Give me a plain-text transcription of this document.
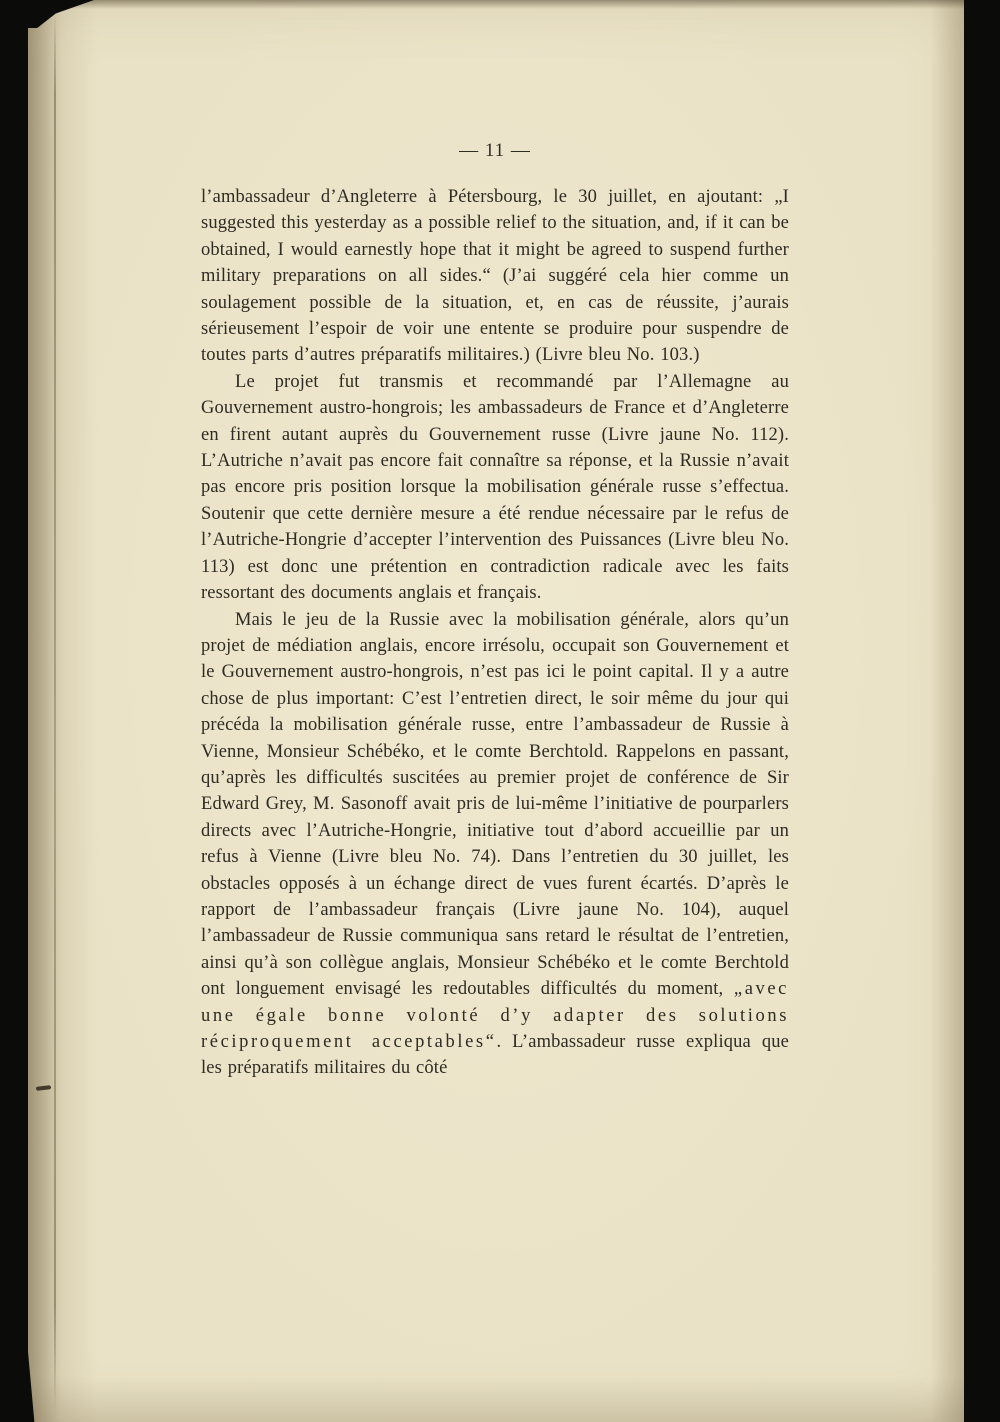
— 11 —

l’ambassadeur d’Angleterre à Pétersbourg, le 30 juillet, en ajoutant: „I suggested this yesterday as a possible relief to the situation, and, if it can be obtained, I would earnestly hope that it might be agreed to suspend further military preparations on all sides.“ (J’ai suggéré cela hier comme un soulagement possible de la situation, et, en cas de réussite, j’aurais sérieusement l’espoir de voir une entente se produire pour suspendre de toutes parts d’autres préparatifs militaires.) (Livre bleu No. 103.)

Le projet fut transmis et recommandé par l’Allemagne au Gouvernement austro-hongrois; les ambassadeurs de France et d’Angleterre en firent autant auprès du Gouvernement russe (Livre jaune No. 112). L’Autriche n’avait pas encore fait connaître sa réponse, et la Russie n’avait pas encore pris position lorsque la mobilisation générale russe s’effectua. Soutenir que cette dernière mesure a été rendue nécessaire par le refus de l’Autriche-Hongrie d’accepter l’intervention des Puissances (Livre bleu No. 113) est donc une prétention en contradiction radicale avec les faits ressortant des documents anglais et français.

Mais le jeu de la Russie avec la mobilisation générale, alors qu’un projet de médiation anglais, encore irrésolu, occupait son Gouvernement et le Gouvernement austro-hongrois, n’est pas ici le point capital. Il y a autre chose de plus important: C’est l’entretien direct, le soir même du jour qui précéda la mobilisation générale russe, entre l’ambassadeur de Russie à Vienne, Monsieur Schébéko, et le comte Berchtold. Rappelons en passant, qu’après les difficultés suscitées au premier projet de conférence de Sir Edward Grey, M. Sasonoff avait pris de lui-même l’initiative de pourparlers directs avec l’Autriche-Hongrie, initiative tout d’abord accueillie par un refus à Vienne (Livre bleu No. 74). Dans l’entretien du 30 juillet, les obstacles opposés à un échange direct de vues furent écartés. D’après le rapport de l’ambassadeur français (Livre jaune No. 104), auquel l’ambassadeur de Russie communiqua sans retard le résultat de l’entretien, ainsi qu’à son collègue anglais, Monsieur Schébéko et le comte Berchtold ont longuement envisagé les redoutables difficultés du moment, „avec une égale bonne volonté d’y adapter des solutions réciproquement acceptables“. L’ambassadeur russe expliqua que les préparatifs militaires du côté
